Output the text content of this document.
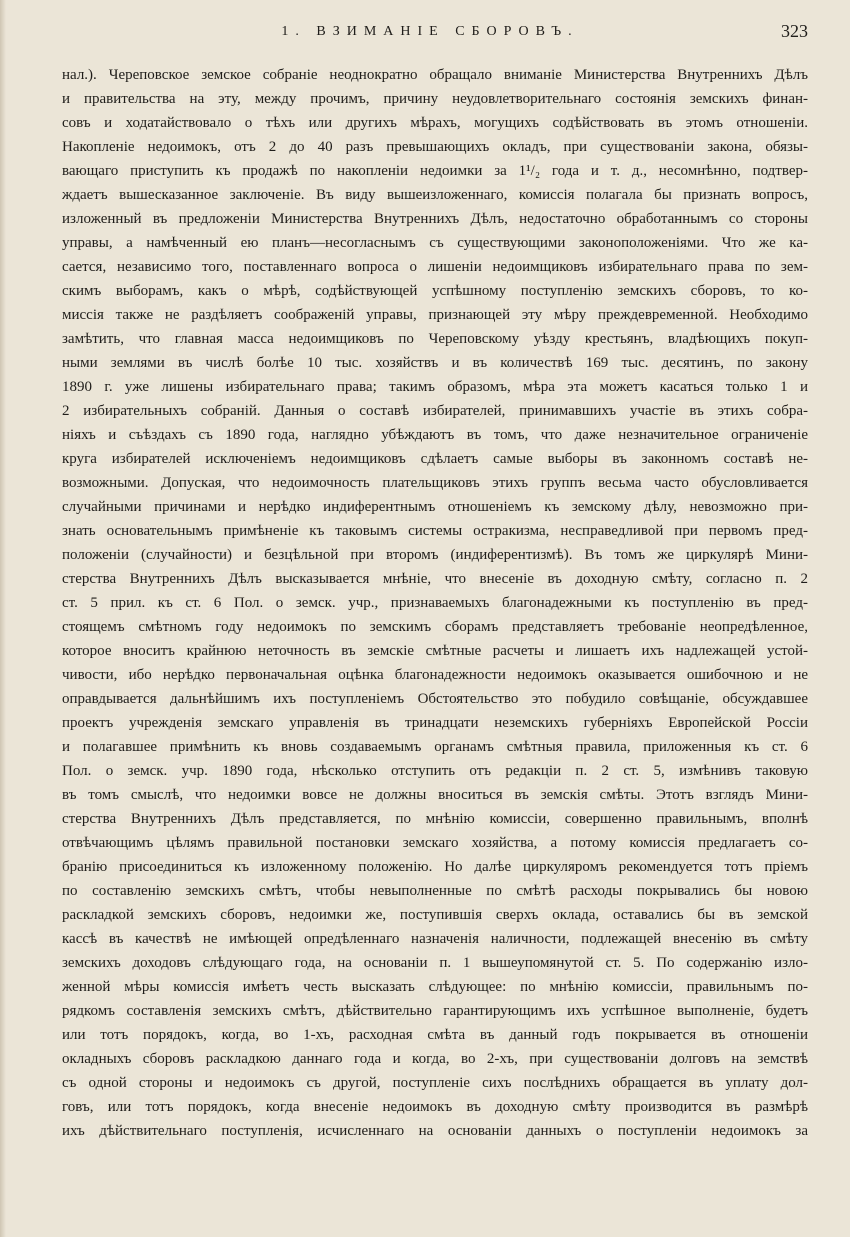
1. ВЗИМАНІЕ СБОРОВЪ.	323
нал.). Череповское земское собраніе неоднократно обращало вниманіе Министерства Внутреннихъ Дѣлъ
и правительства на эту, между прочимъ, причину неудовлетворительнаго состоянія земскихъ финан-
совъ и ходатайствовало о тѣхъ или другихъ мѣрахъ, могущихъ содѣйствовать въ этомъ отношеніи.
Накопленіе недоимокъ, отъ 2 до 40 разъ превышающихъ окладъ, при существованіи закона, обязы-
вающаго приступить къ продажѣ по накопленіи недоимки за 1¹/₂ года и т. д., несомнѣнно, подтвер-
ждаетъ вышесказанное заключеніе. Въ виду вышеизложеннаго, комиссія полагала бы признать вопросъ,
изложенный въ предложеніи Министерства Внутреннихъ Дѣлъ, недостаточно обработаннымъ со стороны
управы, а намѣченный ею планъ—несогласнымъ съ существующими законоположеніями. Что же ка-
сается, независимо того, поставленнаго вопроса о лишеніи недоимщиковъ избирательнаго права по зем-
скимъ выборамъ, какъ о мѣрѣ, содѣйствующей успѣшному поступленію земскихъ сборовъ, то ко-
миссія также не раздѣляетъ соображеній управы, признающей эту мѣру преждевременной. Необходимо
замѣтить, что главная масса недоимщиковъ по Череповскому уѣзду крестьянъ, владѣющихъ покуп-
ными землями въ числѣ болѣе 10 тыс. хозяйствъ и въ количествѣ 169 тыс. десятинъ, по закону
1890 г. уже лишены избирательнаго права; такимъ образомъ, мѣра эта можетъ касаться только 1 и
2 избирательныхъ собраній. Данныя о составѣ избирателей, принимавшихъ участіе въ этихъ собра-
ніяхъ и съѣздахъ съ 1890 года, наглядно убѣждаютъ въ томъ, что даже незначительное ограниченіе
круга избирателей исключеніемъ недоимщиковъ сдѣлаетъ самые выборы въ законномъ составѣ не-
возможными. Допуская, что недоимочность плательщиковъ этихъ группъ весьма часто обусловливается
случайными причинами и нерѣдко индиферентнымъ отношеніемъ къ земскому дѣлу, невозможно при-
знать основательнымъ примѣненіе къ таковымъ системы остракизма, несправедливой при первомъ пред-
положеніи (случайности) и безцѣльной при второмъ (индиферентизмѣ). Въ томъ же циркулярѣ Мини-
стерства Внутреннихъ Дѣлъ высказывается мнѣніе, что внесеніе въ доходную смѣту, согласно п. 2
ст. 5 прил. къ ст. 6 Пол. о земск. учр., признаваемыхъ благонадежными къ поступленію въ пред-
стоящемъ смѣтномъ году недоимокъ по земскимъ сборамъ представляетъ требованіе неопредѣленное,
которое вноситъ крайнюю неточность въ земскіе смѣтные расчеты и лишаетъ ихъ надлежащей устой-
чивости, ибо нерѣдко первоначальная оцѣнка благонадежности недоимокъ оказывается ошибочною и не
оправдывается дальнѣйшимъ ихъ поступленіемъ Обстоятельство это побудило совѣщаніе, обсуждавшее
проектъ учрежденія земскаго управленія въ тринадцати неземскихъ губерніяхъ Европейской Россіи
и полагавшее примѣнить къ вновь создаваемымъ органамъ смѣтныя правила, приложенныя къ ст. 6
Пол. о земск. учр. 1890 года, нѣсколько отступить отъ редакціи п. 2 ст. 5, измѣнивъ таковую
въ томъ смыслѣ, что недоимки вовсе не должны вноситься въ земскія смѣты. Этотъ взглядъ Мини-
стерства Внутреннихъ Дѣлъ представляется, по мнѣнію комиссіи, совершенно правильнымъ, вполнѣ
отвѣчающимъ цѣлямъ правильной постановки земскаго хозяйства, а потому комиссія предлагаетъ со-
бранію присоединиться къ изложенному положенію. Но далѣе циркуляромъ рекомендуется тотъ пріемъ
по составленію земскихъ смѣтъ, чтобы невыполненные по смѣтѣ расходы покрывались бы новою
раскладкой земскихъ сборовъ, недоимки же, поступившія сверхъ оклада, оставались бы въ земской
кассѣ въ качествѣ не имѣющей опредѣленнаго назначенія наличности, подлежащей внесенію въ смѣту
земскихъ доходовъ слѣдующаго года, на основаніи п. 1 вышеупомянутой ст. 5. По содержанію изло-
женной мѣры комиссія имѣетъ честь высказать слѣдующее: по мнѣнію комиссіи, правильнымъ по-
рядкомъ составленія земскихъ смѣтъ, дѣйствительно гарантирующимъ ихъ успѣшное выполненіе, будетъ
или тотъ порядокъ, когда, во 1-хъ, расходная смѣта въ данный годъ покрывается въ отношеніи
окладныхъ сборовъ раскладкою даннаго года и когда, во 2-хъ, при существованіи долговъ на земствѣ
съ одной стороны и недоимокъ съ другой, поступленіе сихъ послѣднихъ обращается въ уплату дол-
говъ, или тотъ порядокъ, когда внесеніе недоимокъ въ доходную смѣту производится въ размѣрѣ
ихъ дѣйствительнаго поступленія, исчисленнаго на основаніи данныхъ о поступленіи недоимокъ за
